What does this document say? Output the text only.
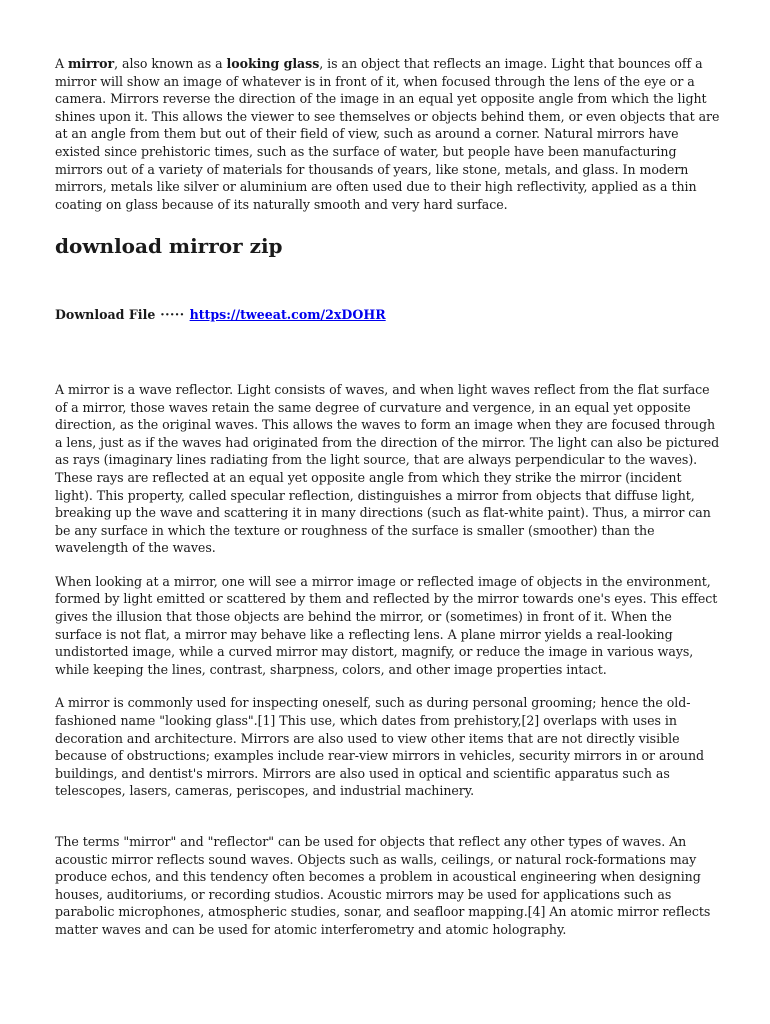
A mirror, also known as a looking glass, is an object that reflects an image. Light that bounces off a mirror will show an image of whatever is in front of it, when focused through the lens of the eye or a camera. Mirrors reverse the direction of the image in an equal yet opposite angle from which the light shines upon it. This allows the viewer to see themselves or objects behind them, or even objects that are at an angle from them but out of their field of view, such as around a corner. Natural mirrors have existed since prehistoric times, such as the surface of water, but people have been manufacturing mirrors out of a variety of materials for thousands of years, like stone, metals, and glass. In modern mirrors, metals like silver or aluminium are often used due to their high reflectivity, applied as a thin coating on glass because of its naturally smooth and very hard surface.

download mirror zip
Download File ····· https://tweeat.com/2xDOHR

A mirror is a wave reflector. Light consists of waves, and when light waves reflect from the flat surface of a mirror, those waves retain the same degree of curvature and vergence, in an equal yet opposite direction, as the original waves. This allows the waves to form an image when they are focused through a lens, just as if the waves had originated from the direction of the mirror. The light can also be pictured as rays (imaginary lines radiating from the light source, that are always perpendicular to the waves). These rays are reflected at an equal yet opposite angle from which they strike the mirror (incident light). This property, called specular reflection, distinguishes a mirror from objects that diffuse light, breaking up the wave and scattering it in many directions (such as flat-white paint). Thus, a mirror can be any surface in which the texture or roughness of the surface is smaller (smoother) than the wavelength of the waves.

When looking at a mirror, one will see a mirror image or reflected image of objects in the environment, formed by light emitted or scattered by them and reflected by the mirror towards one's eyes. This effect gives the illusion that those objects are behind the mirror, or (sometimes) in front of it. When the surface is not flat, a mirror may behave like a reflecting lens. A plane mirror yields a real-looking undistorted image, while a curved mirror may distort, magnify, or reduce the image in various ways, while keeping the lines, contrast, sharpness, colors, and other image properties intact.

A mirror is commonly used for inspecting oneself, such as during personal grooming; hence the old-fashioned name "looking glass".[1] This use, which dates from prehistory,[2] overlaps with uses in decoration and architecture. Mirrors are also used to view other items that are not directly visible because of obstructions; examples include rear-view mirrors in vehicles, security mirrors in or around buildings, and dentist's mirrors. Mirrors are also used in optical and scientific apparatus such as telescopes, lasers, cameras, periscopes, and industrial machinery.

The terms "mirror" and "reflector" can be used for objects that reflect any other types of waves. An acoustic mirror reflects sound waves. Objects such as walls, ceilings, or natural rock-formations may produce echos, and this tendency often becomes a problem in acoustical engineering when designing houses, auditoriums, or recording studios. Acoustic mirrors may be used for applications such as parabolic microphones, atmospheric studies, sonar, and seafloor mapping.[4] An atomic mirror reflects matter waves and can be used for atomic interferometry and atomic holography.
